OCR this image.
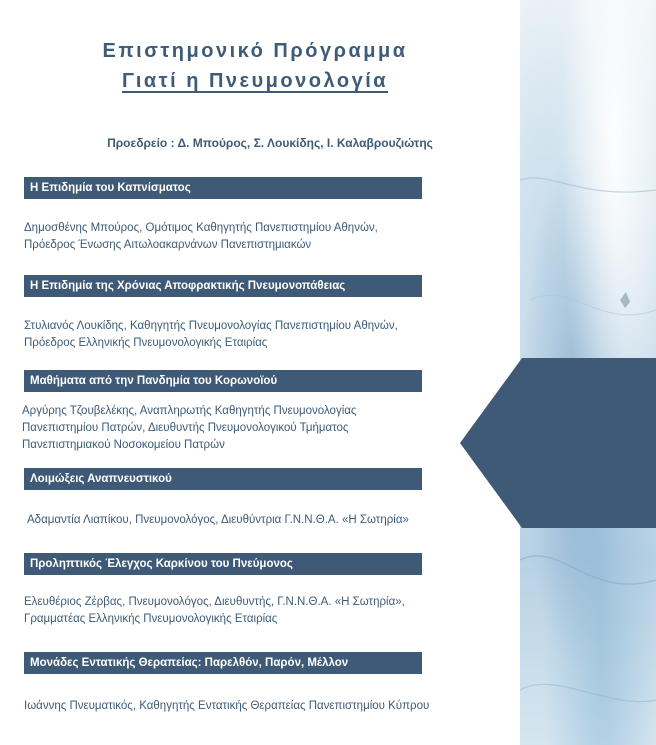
Επιστημονικό Πρόγραμμα
Γιατί η Πνευμονολογία
Προεδρείο : Δ. Μπούρος, Σ. Λουκίδης, Ι. Καλαβρουζιώτης
Η Επιδημία του Καπνίσματος
Δημοσθένης Μπούρος, Ομότιμος Καθηγητής Πανεπιστημίου Αθηνών,
Πρόεδρος Ένωσης Αιτωλοακαρνάνων Πανεπιστημιακών
Η Επιδημία της Χρόνιας Αποφρακτικής Πνευμονοπάθειας
Στυλιανός Λουκίδης, Καθηγητής Πνευμονολογίας Πανεπιστημίου Αθηνών,
Πρόεδρος Ελληνικής Πνευμονολογικής Εταιρίας
Μαθήματα από την Πανδημία του Κορωνοϊού
Αργύρης Τζουβελέκης, Αναπληρωτής Καθηγητής Πνευμονολογίας
Πανεπιστημίου Πατρών, Διευθυντής Πνευμονολογικού Τμήματος
Πανεπιστημιακού Νοσοκομείου Πατρών
Λοιμώξεις Αναπνευστικού
Αδαμαντία Λιαπίκου, Πνευμονολόγος, Διευθύντρια Γ.Ν.Ν.Θ.Α. «Η Σωτηρία»
Προληπτικός Έλεγχος Καρκίνου του Πνεύμονος
Ελευθέριος Ζέρβας, Πνευμονολόγος, Διευθυντής, Γ.Ν.Ν.Θ.Α. «Η Σωτηρία»,
Γραμματέας Ελληνικής Πνευμονολογικής Εταιρίας
Μονάδες Εντατικής Θεραπείας: Παρελθόν, Παρόν, Μέλλον
Ιωάννης Πνευματικός, Καθηγητής Εντατικής Θεραπείας Πανεπιστημίου Κύπρου
